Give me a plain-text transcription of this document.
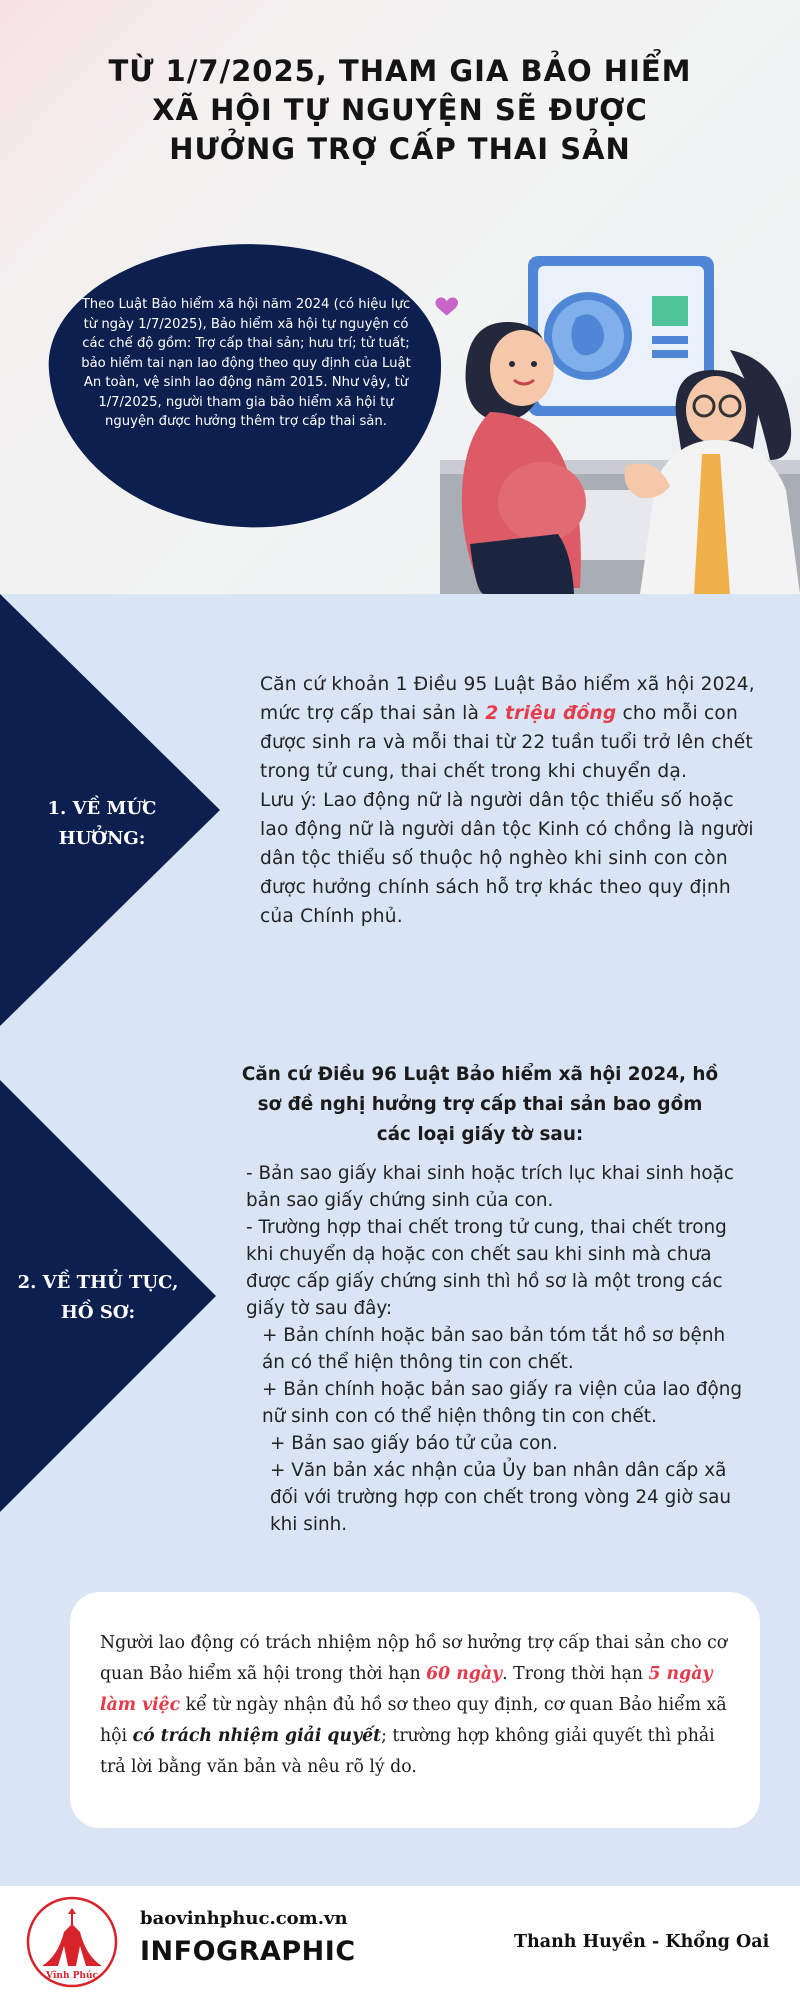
TỪ 1/7/2025, THAM GIA BẢO HIỂM
XÃ HỘI TỰ NGUYỆN SẼ ĐƯỢC
HƯỞNG TRỢ CẤP THAI SẢN

Theo Luật Bảo hiểm xã hội năm 2024 (có hiệu lực từ ngày 1/7/2025), Bảo hiểm xã hội tự nguyện có các chế độ gồm: Trợ cấp thai sản; hưu trí; tử tuất; bảo hiểm tai nạn lao động theo quy định của Luật An toàn, vệ sinh lao động năm 2015. Như vậy, từ 1/7/2025, người tham gia bảo hiểm xã hội tự nguyện được hưởng thêm trợ cấp thai sản.

1. VỀ MỨC HƯỞNG:
Căn cứ khoản 1 Điều 95 Luật Bảo hiểm xã hội 2024, mức trợ cấp thai sản là 2 triệu đồng cho mỗi con được sinh ra và mỗi thai từ 22 tuần tuổi trở lên chết trong tử cung, thai chết trong khi chuyển dạ.
Lưu ý: Lao động nữ là người dân tộc thiểu số hoặc lao động nữ là người dân tộc Kinh có chồng là người dân tộc thiểu số thuộc hộ nghèo khi sinh con còn được hưởng chính sách hỗ trợ khác theo quy định của Chính phủ.
2. VỀ THỦ TỤC, HỒ SƠ:
Căn cứ Điều 96 Luật Bảo hiểm xã hội 2024, hồ sơ đề nghị hưởng trợ cấp thai sản bao gồm các loại giấy tờ sau:

- Bản sao giấy khai sinh hoặc trích lục khai sinh hoặc bản sao giấy chứng sinh của con.

- Trường hợp thai chết trong tử cung, thai chết trong khi chuyển dạ hoặc con chết sau khi sinh mà chưa được cấp giấy chứng sinh thì hồ sơ là một trong các giấy tờ sau đây:

+ Bản chính hoặc bản sao bản tóm tắt hồ sơ bệnh án có thể hiện thông tin con chết.

+ Bản chính hoặc bản sao giấy ra viện của lao động nữ sinh con có thể hiện thông tin con chết.

+ Bản sao giấy báo tử của con.

+ Văn bản xác nhận của Ủy ban nhân dân cấp xã đối với trường hợp con chết trong vòng 24 giờ sau khi sinh.

Người lao động có trách nhiệm nộp hồ sơ hưởng trợ cấp thai sản cho cơ quan Bảo hiểm xã hội trong thời hạn 60 ngày. Trong thời hạn 5 ngày làm việc kể từ ngày nhận đủ hồ sơ theo quy định, cơ quan Bảo hiểm xã hội có trách nhiệm giải quyết; trường hợp không giải quyết thì phải trả lời bằng văn bản và nêu rõ lý do.

Vĩnh Phúc
baovinhphuc.com.vn
INFOGRAPHIC	Thanh Huyền - Khổng Oai
